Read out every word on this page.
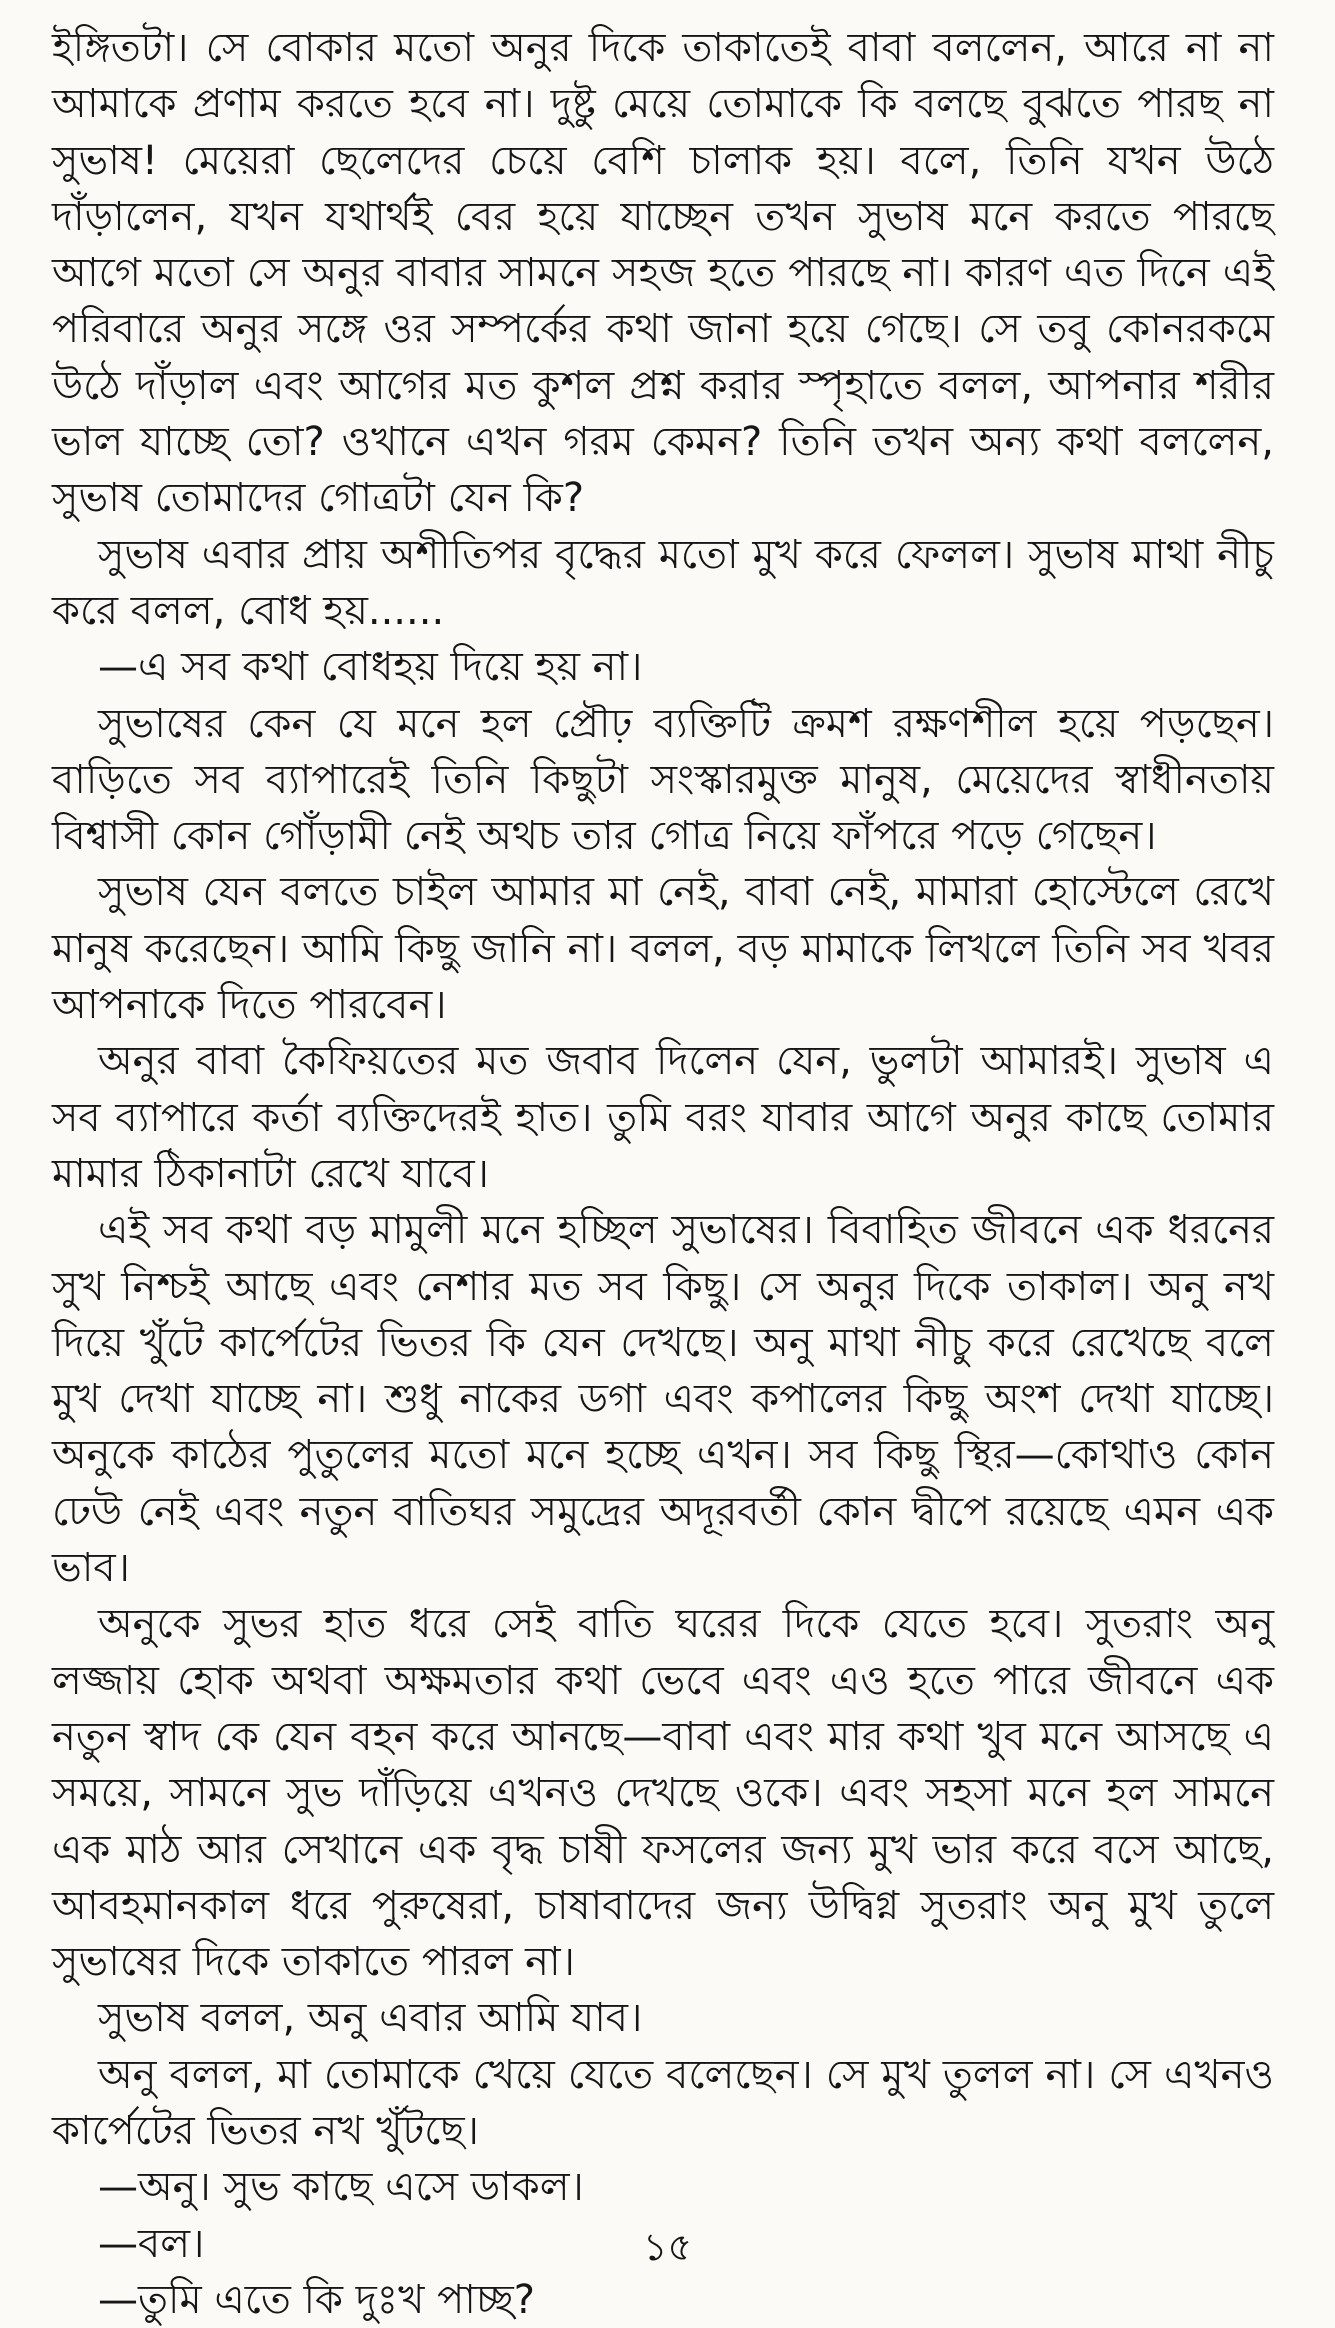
ইঙ্গিতটা। সে বোকার মতো অনুর দিকে তাকাতেই বাবা বললেন, আরে না না আমাকে প্রণাম করতে হবে না। দুষ্টু মেয়ে তোমাকে কি বলছে বুঝতে পারছ না সুভাষ! মেয়েরা ছেলেদের চেয়ে বেশি চালাক হয়। বলে, তিনি যখন উঠে দাঁড়ালেন, যখন যথার্থই বের হয়ে যাচ্ছেন তখন সুভাষ মনে করতে পারছে আগে মতো সে অনুর বাবার সামনে সহজ হতে পারছে না। কারণ এত দিনে এই পরিবারে অনুর সঙ্গে ওর সম্পর্কের কথা জানা হয়ে গেছে। সে তবু কোনরকমে উঠে দাঁড়াল এবং আগের মত কুশল প্রশ্ন করার স্পৃহাতে বলল, আপনার শরীর ভাল যাচ্ছে তো? ওখানে এখন গরম কেমন? তিনি তখন অন্য কথা বললেন, সুভাষ তোমাদের গোত্রটা যেন কি?

সুভাষ এবার প্রায় অশীতিপর বৃদ্ধের মতো মুখ করে ফেলল। সুভাষ মাথা নীচু করে বলল, বোধ হয়......

—এ সব কথা বোধহয় দিয়ে হয় না।

সুভাষের কেন যে মনে হল প্রৌঢ় ব্যক্তিটি ক্রমশ রক্ষণশীল হয়ে পড়ছেন। বাড়িতে সব ব্যাপারেই তিনি কিছুটা সংস্কারমুক্ত মানুষ, মেয়েদের স্বাধীনতায় বিশ্বাসী কোন গোঁড়ামী নেই অথচ তার গোত্র নিয়ে ফাঁপরে পড়ে গেছেন।

সুভাষ যেন বলতে চাইল আমার মা নেই, বাবা নেই, মামারা হোস্টেলে রেখে মানুষ করেছেন। আমি কিছু জানি না। বলল, বড় মামাকে লিখলে তিনি সব খবর আপনাকে দিতে পারবেন।

অনুর বাবা কৈফিয়তের মত জবাব দিলেন যেন, ভুলটা আমারই। সুভাষ এ সব ব্যাপারে কর্তা ব্যক্তিদেরই হাত। তুমি বরং যাবার আগে অনুর কাছে তোমার মামার ঠিকানাটা রেখে যাবে।

এই সব কথা বড় মামুলী মনে হচ্ছিল সুভাষের। বিবাহিত জীবনে এক ধরনের সুখ নিশ্চই আছে এবং নেশার মত সব কিছু। সে অনুর দিকে তাকাল। অনু নখ দিয়ে খুঁটে কার্পেটের ভিতর কি যেন দেখছে। অনু মাথা নীচু করে রেখেছে বলে মুখ দেখা যাচ্ছে না। শুধু নাকের ডগা এবং কপালের কিছু অংশ দেখা যাচ্ছে। অনুকে কাঠের পুতুলের মতো মনে হচ্ছে এখন। সব কিছু স্থির—কোথাও কোন ঢেউ নেই এবং নতুন বাতিঘর সমুদ্রের অদূরবর্তী কোন দ্বীপে রয়েছে এমন এক ভাব।

অনুকে সুভর হাত ধরে সেই বাতি ঘরের দিকে যেতে হবে। সুতরাং অনু লজ্জায় হোক অথবা অক্ষমতার কথা ভেবে এবং এও হতে পারে জীবনে এক নতুন স্বাদ কে যেন বহন করে আনছে—বাবা এবং মার কথা খুব মনে আসছে এ সময়ে, সামনে সুভ দাঁড়িয়ে এখনও দেখছে ওকে। এবং সহসা মনে হল সামনে এক মাঠ আর সেখানে এক বৃদ্ধ চাষী ফসলের জন্য মুখ ভার করে বসে আছে, আবহমানকাল ধরে পুরুষেরা, চাষাবাদের জন্য উদ্বিগ্ন সুতরাং অনু মুখ তুলে সুভাষের দিকে তাকাতে পারল না।

সুভাষ বলল, অনু এবার আমি যাব।

অনু বলল, মা তোমাকে খেয়ে যেতে বলেছেন। সে মুখ তুলল না। সে এখনও কার্পেটের ভিতর নখ খুঁটছে।

—অনু। সুভ কাছে এসে ডাকল।

—বল।

—তুমি এতে কি দুঃখ পাচ্ছ?

১৫
